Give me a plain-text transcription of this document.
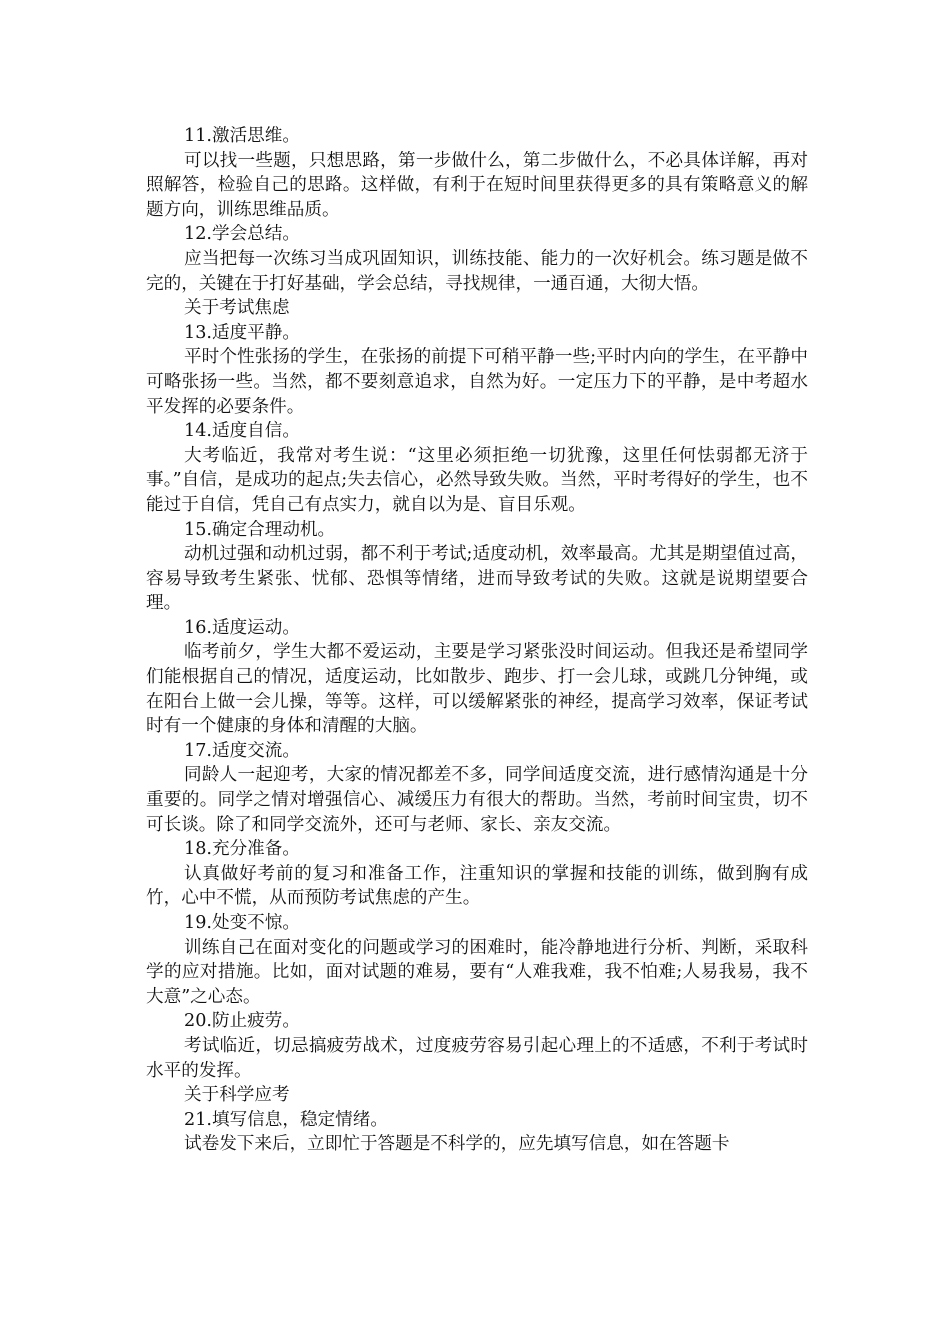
11.激活思维。

可以找一些题，只想思路，第一步做什么，第二步做什么，不必具体详解，再对照解答，检验自己的思路。这样做，有利于在短时间里获得更多的具有策略意义的解题方向，训练思维品质。

12.学会总结。

应当把每一次练习当成巩固知识，训练技能、能力的一次好机会。练习题是做不完的，关键在于打好基础，学会总结，寻找规律，一通百通，大彻大悟。

关于考试焦虑

13.适度平静。

平时个性张扬的学生，在张扬的前提下可稍平静一些;平时内向的学生，在平静中可略张扬一些。当然，都不要刻意追求，自然为好。一定压力下的平静，是中考超水平发挥的必要条件。

14.适度自信。

大考临近，我常对考生说：“这里必须拒绝一切犹豫，这里任何怯弱都无济于事。”自信，是成功的起点;失去信心，必然导致失败。当然，平时考得好的学生，也不能过于自信，凭自己有点实力，就自以为是、盲目乐观。

15.确定合理动机。

动机过强和动机过弱，都不利于考试;适度动机，效率最高。尤其是期望值过高，容易导致考生紧张、忧郁、恐惧等情绪，进而导致考试的失败。这就是说期望要合理。

16.适度运动。

临考前夕，学生大都不爱运动，主要是学习紧张没时间运动。但我还是希望同学们能根据自己的情况，适度运动，比如散步、跑步、打一会儿球，或跳几分钟绳，或在阳台上做一会儿操，等等。这样，可以缓解紧张的神经，提高学习效率，保证考试时有一个健康的身体和清醒的大脑。

17.适度交流。

同龄人一起迎考，大家的情况都差不多，同学间适度交流，进行感情沟通是十分重要的。同学之情对增强信心、减缓压力有很大的帮助。当然，考前时间宝贵，切不可长谈。除了和同学交流外，还可与老师、家长、亲友交流。

18.充分准备。

认真做好考前的复习和准备工作，注重知识的掌握和技能的训练，做到胸有成竹，心中不慌，从而预防考试焦虑的产生。

19.处变不惊。

训练自己在面对变化的问题或学习的困难时，能冷静地进行分析、判断，采取科学的应对措施。比如，面对试题的难易，要有“人难我难，我不怕难;人易我易，我不大意”之心态。

20.防止疲劳。

考试临近，切忌搞疲劳战术，过度疲劳容易引起心理上的不适感，不利于考试时水平的发挥。

关于科学应考

21.填写信息，稳定情绪。

试卷发下来后，立即忙于答题是不科学的，应先填写信息，如在答题卡
